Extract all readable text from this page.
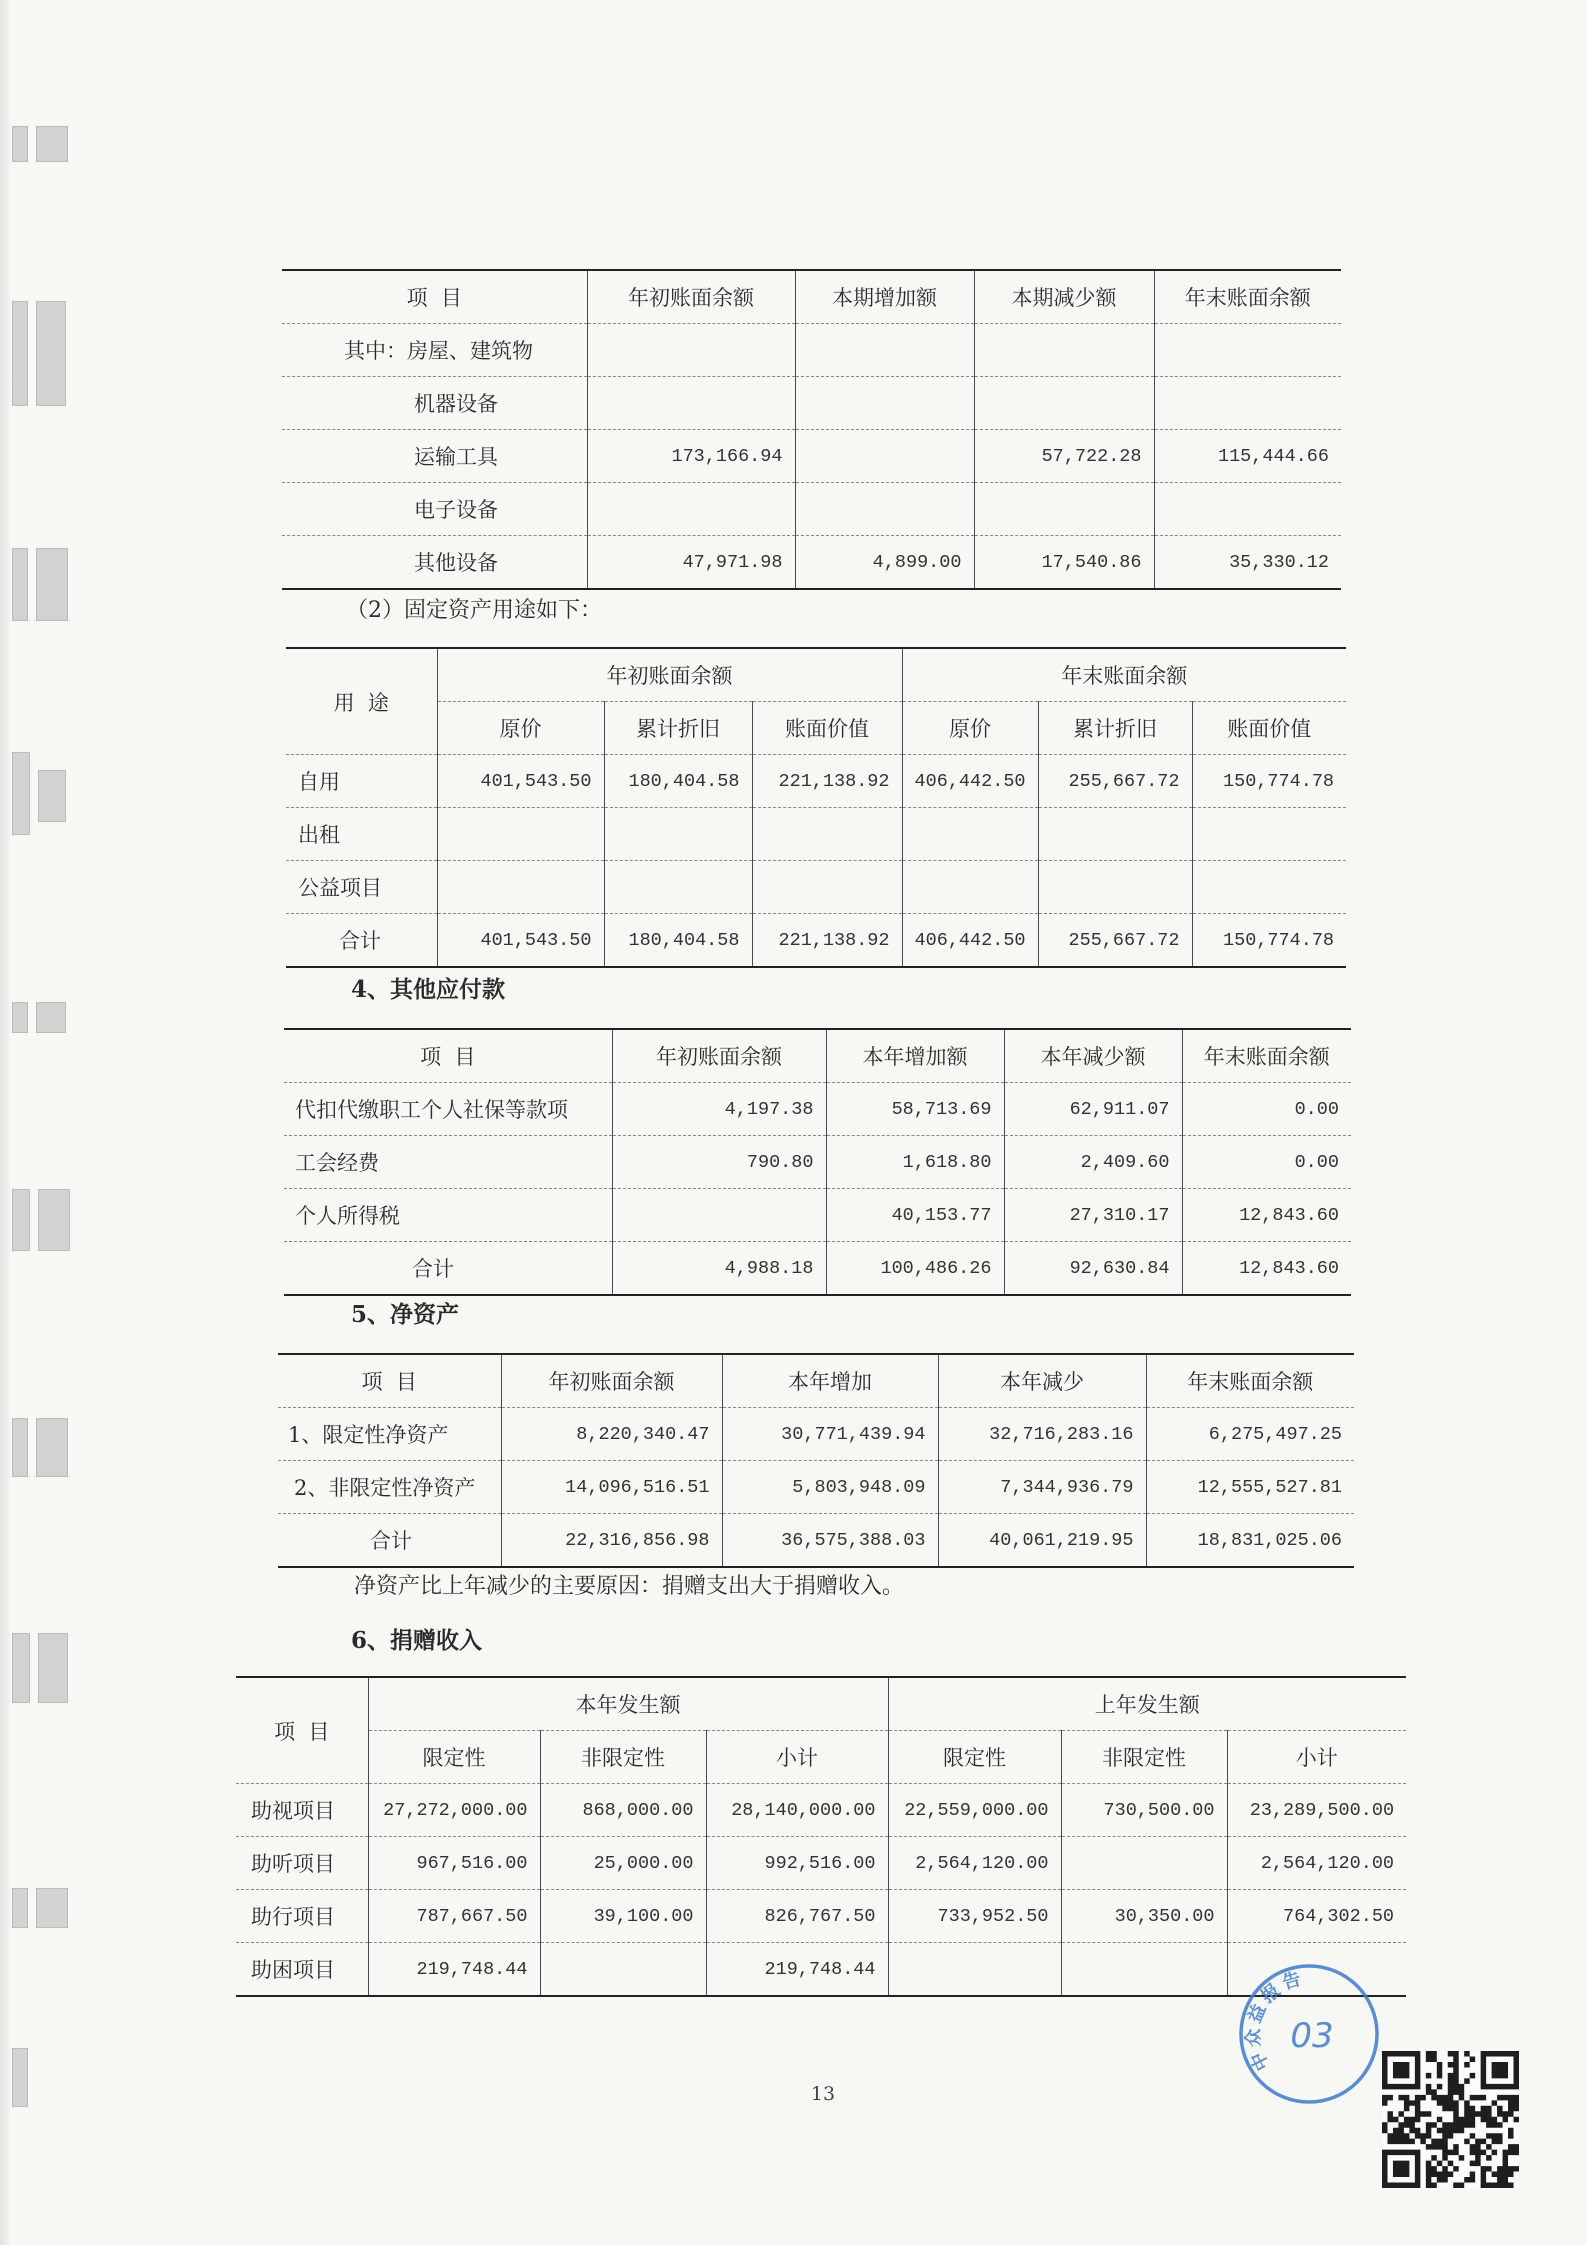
项  目	年初账面余额	本期增加额	本期减少额	年末账面余额
其中：房屋、建筑物				
机器设备				
运输工具	173,166.94		57,722.28	115,444.66
电子设备				
其他设备	47,971.98	4,899.00	17,540.86	35,330.12
（2）固定资产用途如下：
用  途	年初账面余额			年末账面余额		
	原价	累计折旧	账面价值	原价	累计折旧	账面价值
自用	401,543.50	180,404.58	221,138.92	406,442.50	255,667.72	150,774.78
出租						
公益项目						
合计	401,543.50	180,404.58	221,138.92	406,442.50	255,667.72	150,774.78
4、其他应付款
项  目	年初账面余额	本年增加额	本年减少额	年末账面余额
代扣代缴职工个人社保等款项	4,197.38	58,713.69	62,911.07	0.00
工会经费	790.80	1,618.80	2,409.60	0.00
个人所得税		40,153.77	27,310.17	12,843.60
合计	4,988.18	100,486.26	92,630.84	12,843.60
5、净资产
项  目	年初账面余额	本年增加	本年减少	年末账面余额
1、限定性净资产	8,220,340.47	30,771,439.94	32,716,283.16	6,275,497.25
2、非限定性净资产	14,096,516.51	5,803,948.09	7,344,936.79	12,555,527.81
合计	22,316,856.98	36,575,388.03	40,061,219.95	18,831,025.06
净资产比上年减少的主要原因：捐赠支出大于捐赠收入。
6、捐赠收入
项  目	本年发生额			上年发生额		
	限定性	非限定性	小计	限定性	非限定性	小计
助视项目	27,272,000.00	868,000.00	28,140,000.00	22,559,000.00	730,500.00	23,289,500.00
助听项目	967,516.00	25,000.00	992,516.00	2,564,120.00		2,564,120.00
助行项目	787,667.50	39,100.00	826,767.50	733,952.50	30,350.00	764,302.50
助困项目	219,748.44		219,748.44			
13
中众益报告
03
